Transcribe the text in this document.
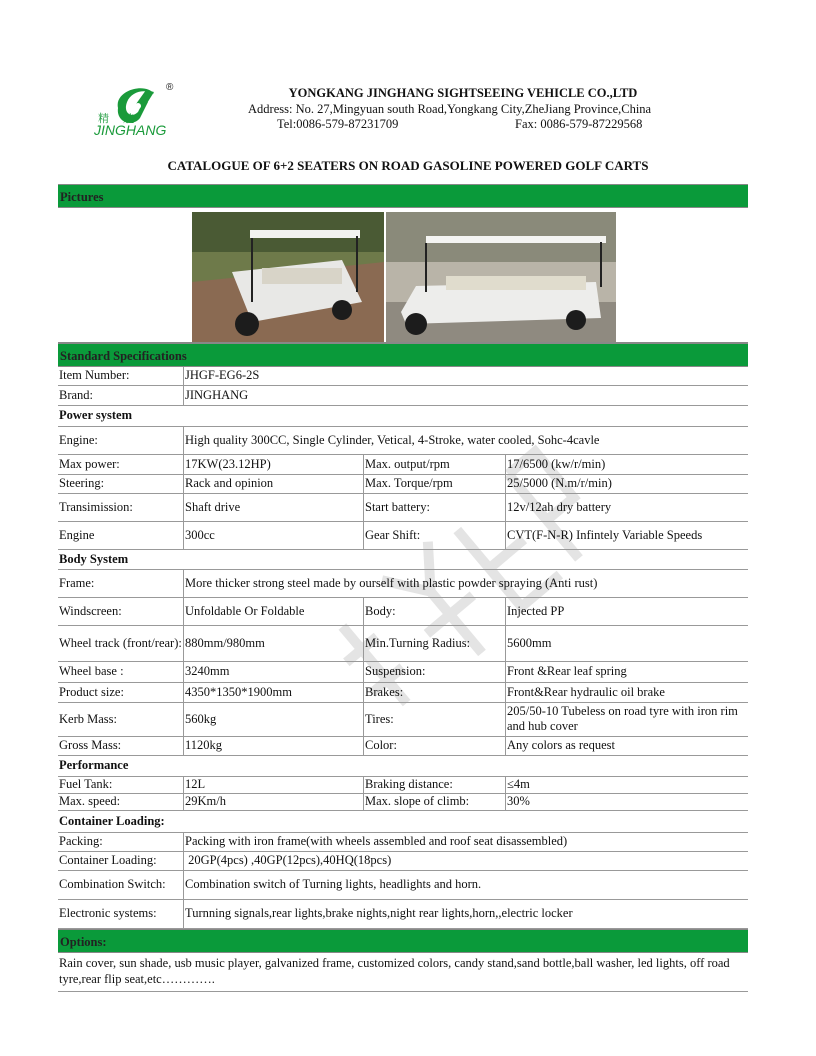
®
精航
JINGHANG
YONGKANG JINGHANG SIGHTSEEING VEHICLE CO.,LTD
Address: No. 27,Mingyuan south Road,Yongkang City,ZheJiang Province,China
Tel:0086-579-87231709	Fax: 0086-579-87229568
CATALOGUE OF 6+2 SEATERS ON ROAD GASOLINE POWERED GOLF CARTS
Pictures
Standard Specifications
Item Number:	JHGF-EG6-2S		
Brand:	JINGHANG		
Power system			
Engine:	High quality 300CC, Single Cylinder, Vetical, 4-Stroke, water cooled, Sohc-4cavle		
Max power:	17KW(23.12HP)	Max. output/rpm	17/6500 (kw/r/min)
Steering:	Rack and opinion	Max. Torque/rpm	25/5000 (N.m/r/min)
Transimission:	Shaft drive	Start battery:	12v/12ah dry battery
Engine	300cc	Gear Shift:	CVT(F-N-R) Infintely Variable Speeds
Body System			
Frame:	More thicker strong steel made by ourself with plastic powder spraying (Anti rust)		
Windscreen:	Unfoldable Or Foldable	Body:	Injected PP
Wheel track (front/rear):	880mm/980mm	Min.Turning Radius:	5600mm
Wheel base :	3240mm	Suspension:	Front &Rear leaf spring
Product size:	4350*1350*1900mm	Brakes:	Front&Rear hydraulic oil brake
Kerb Mass:	560kg	Tires:	205/50-10 Tubeless on road tyre with iron rim and hub cover
Gross Mass:	1120kg	Color:	Any colors as request
Performance			
Fuel Tank:	12L	Braking distance:	≤4m
Max. speed:	29Km/h	Max. slope of climb:	30%
Container Loading:			
Packing:	Packing with iron frame(with wheels assembled and roof seat disassembled)		
Container Loading:	20GP(4pcs) ,40GP(12pcs),40HQ(18pcs)		
Combination Switch:	Combination switch of Turning lights, headlights and horn.		
Electronic systems:	Turnning signals,rear lights,brake nights,night rear lights,horn,,electric locker		
Options:
Rain cover, sun shade, usb music player, galvanized frame, customized colors, candy stand,sand bottle,ball washer, led lights, off road tyre,rear flip seat,etc………….
